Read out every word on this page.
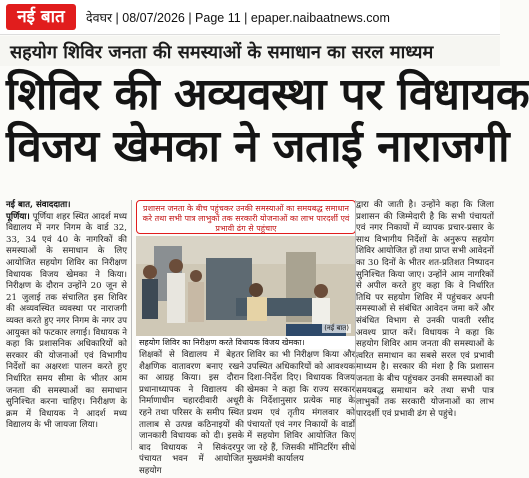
नई बात	देवघर | 08/07/2026 | Page 11 | epaper.naibaatnews.com
सहयोग शिविर जनता की समस्याओं के समाधान का सरल माध्यम
शिविर की अव्यवस्था पर विधायक
विजय खेमका ने जताई नाराजगी

नई बात, संवाददाता।

पूर्णिया। पूर्णिया शहर स्थित आदर्श मध्य विद्यालय में नगर निगम के वार्ड 32, 33, 34 एवं 40 के नागरिकों की समस्याओं के समाधान के लिए आयोजित सहयोग शिविर का निरीक्षण विधायक विजय खेमका ने किया। निरीक्षण के दौरान उन्होंने 20 जून से 21 जुलाई तक संचालित इस शिविर की अव्यवस्थित व्यवस्था पर नाराजगी व्यक्त करते हुए नगर निगम के नगर उप आयुक्त को फटकार लगाई। विधायक ने कहा कि प्रशासनिक अधिकारियों को सरकार की योजनाओं एवं विभागीय निर्देशों का अक्षरशः पालन करते हुए निर्धारित समय सीमा के भीतर आम जनता की समस्याओं का समाधान सुनिश्चित करना चाहिए। निरीक्षण के क्रम में विधायक ने आदर्श मध्य विद्यालय के भी जायजा लिया।

प्रशासन जनता के बीच पहुंचकर उनकी समस्याओं का समयबद्ध समाधान करे तथा सभी पात्र लाभुकों तक सरकारी योजनाओं का लाभ पारदर्शी एवं प्रभावी ढंग से पहुंचाए
(नई बात)
सहयोग शिविर का निरीक्षण करते विधायक विजय खेमका।

शिक्षकों से विद्यालय में बेहतर शैक्षणिक वातावरण बनाए रखने का आग्रह किया। इस दौरान प्रधानाध्यापक ने विद्यालय की निर्माणाधीन चहारदीवारी अधूरी रहने तथा परिसर के समीप स्थित तालाब से उत्पन्न कठिनाइयों की जानकारी विधायक को दी। इसके बाद विधायक ने सिकंदरपुर पंचायत भवन में आयोजित सहयोग

शिविर का भी निरीक्षण किया और उपस्थित अधिकारियों को आवश्यक दिशा-निर्देश दिए। विधायक विजय खेमका ने कहा कि राज्य सरकार के निर्देशानुसार प्रत्येक माह के प्रथम एवं तृतीय मंगलवार को पंचायतों एवं नगर निकायों के वार्डों में सहयोग शिविर आयोजित किए जा रहे हैं, जिसकी मॉनिटरिंग सीधे मुख्यमंत्री कार्यालय

द्वारा की जाती है। उन्होंने कहा कि जिला प्रशासन की जिम्मेदारी है कि सभी पंचायतों एवं नगर निकायों में व्यापक प्रचार-प्रसार के साथ विभागीय निर्देशों के अनुरूप सहयोग शिविर आयोजित हों तथा प्राप्त सभी आवेदनों का 30 दिनों के भीतर शत-प्रतिशत निष्पादन सुनिश्चित किया जाए। उन्होंने आम नागरिकों से अपील करते हुए कहा कि वे निर्धारित तिथि पर सहयोग शिविर में पहुंचकर अपनी समस्याओं से संबंधित आवेदन जमा करें और संबंधित विभाग से उनकी पावती रसीद अवश्य प्राप्त करें। विधायक ने कहा कि सहयोग शिविर आम जनता की समस्याओं के त्वरित समाधान का सबसे सरल एवं प्रभावी माध्यम है। सरकार की मंशा है कि प्रशासन जनता के बीच पहुंचकर उनकी समस्याओं का समयबद्ध समाधान करे तथा सभी पात्र लाभुकों तक सरकारी योजनाओं का लाभ पारदर्शी एवं प्रभावी ढंग से पहुंचे।
